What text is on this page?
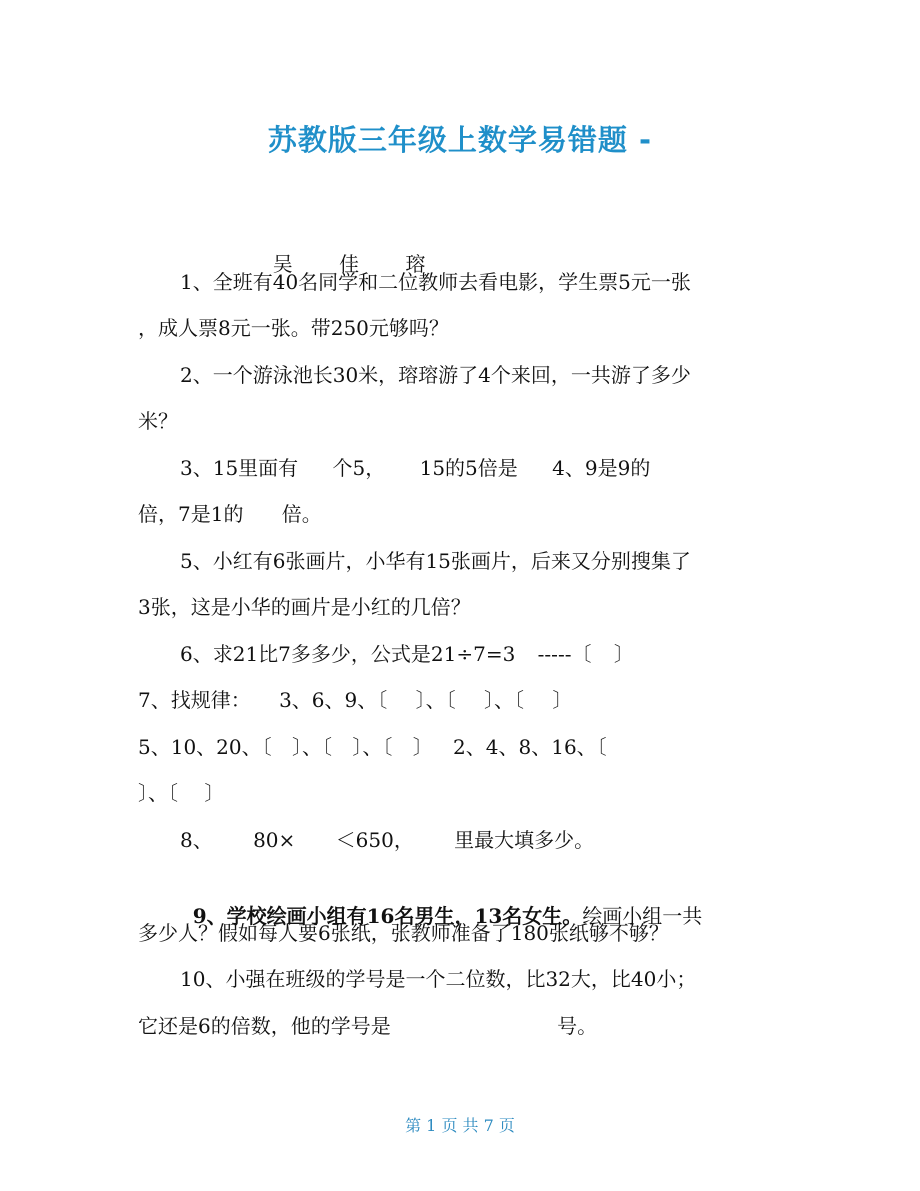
苏教版三年级上数学易错题 -

吴 佳 瑢

1、全班有40名同学和二位教师去看电影，学生票5元一张
，成人票8元一张。带250元够吗？
2、一个游泳池长30米，瑢瑢游了4个来回，一共游了多少
米？
3、15里面有 个5， 15的5倍是 4、9是9的
倍，7是1的 倍。
5、小红有6张画片，小华有15张画片，后来又分别搜集了
3张，这是小华的画片是小红的几倍？
6、求21比7多多少，公式是21÷7=3 -----〔 〕
7、找规律： 3、6、9、〔 〕、〔 〕、〔 〕
5、10、20、〔 〕、〔 〕、〔 〕 2、4、8、16、〔
〕、〔 〕
8、 80× ＜650， 里最大填多少。

9、学校绘画小组有16名男生，13名女生。绘画小组一共

多少人？假如每人要6张纸，张教师准备了180张纸够不够？
10、小强在班级的学号是一个二位数，比32大，比40小；
它还是6的倍数，他的学号是 号。
第 1 页 共 7 页
